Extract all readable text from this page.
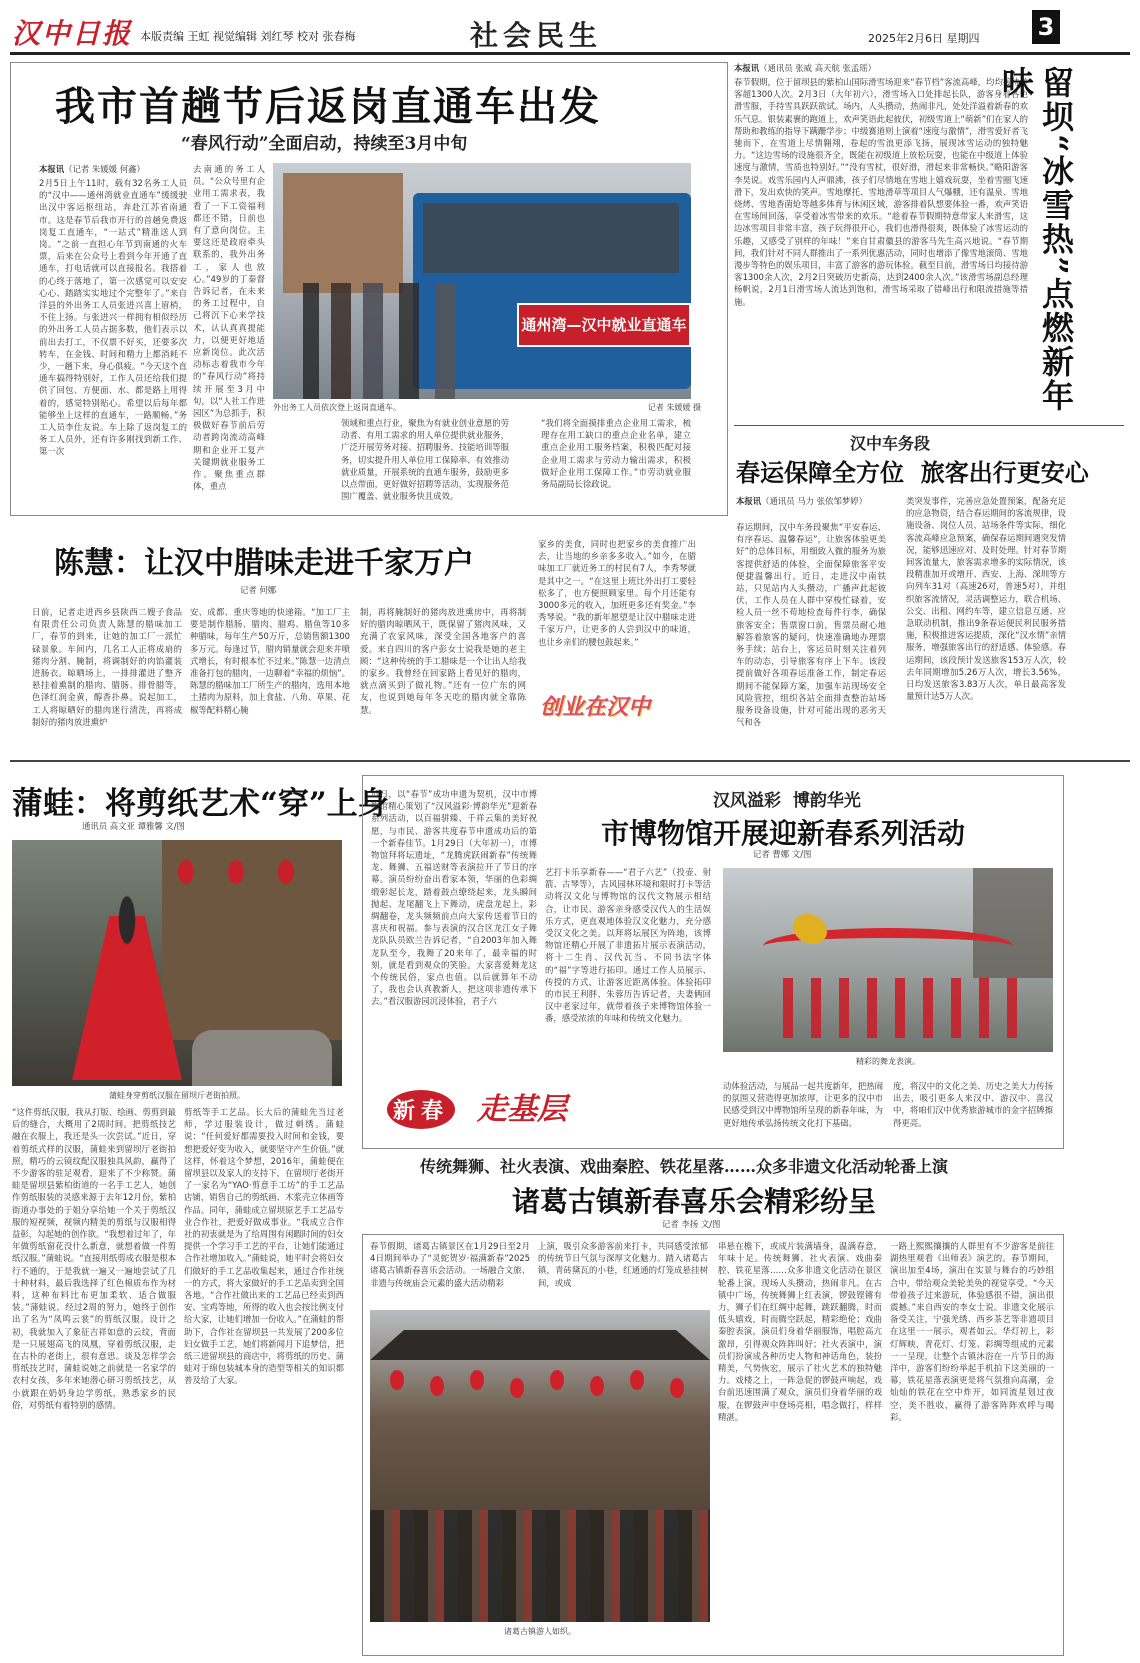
汉中日报 本版责编 王虹 视觉编辑 刘红琴 校对 张春梅	社会民生	2025年2月6日 星期四 3
我市首趟节后返岗直通车出发
“春风行动”全面启动，持续至3月中旬
本报讯（记者 朱媛媛 何鑫）
2月5日上午11时，载有32名务工人员的“汉中——通州湾就业直通车”缓缓驶出汉中客运枢纽站，奔赴江苏省南通市。这是春节后我市开行的首趟免费返岗复工直通车，“一站式”精准送人到岗。“之前一直担心年节到南通的火车票，后来在公众号上看到今年开通了直通车，打电话就可以直接报名。我搭着的心终于落地了，第一次感觉可以安安心心、踏踏实实地过个完整年了。”来自洋县的外出务工人员张进兴喜上眉梢，不住上扬。与张进兴一样拥有相似经历的外出务工人员占据多数，他们表示以前出去打工，不仅票不好买，还要多次转车，在金钱、时间和精力上都消耗不少，一趟下来，身心俱疲。“今天这个直通车搞得特别好，工作人员还给我们提供了回包、方便面、水、都是路上用得着的，感觉特别贴心。希望以后每年都能够坐上这样的直通车，一路顺畅。”务工人员李仕友说。车上除了返岗复工的务工人员外，还有许多刚找到新工作、第一次
去南通的务工人员。“公众号里有企业用工需求表，我看了一下工资福利都还不错，日前也有了意向岗位。主要这还是政府牵头联系的，我外出务工，家人也放心。”49岁的丁秦督告诉记者，在未来的务工过程中，自己将沉下心来学技术，认认真真提能力，以便更好地适应新岗位。此次活动标志着我市今年的“春风行动”将持续开展至3月中旬，以“人社工作进园区”为总抓手，积极做好春节前后劳动者跨岗流动高峰期和企业开工复产关键期就业服务工作。聚焦重点群体，重点
通州湾—汉中就业直通车
外出务工人员依次登上返岗直通车。	记者 朱媛媛 摄
领域和重点行业，聚焦为有就业创业意愿的劳动者、有用工需求的用人单位提供就业服务，广泛开展劳务对接、招聘服务、技能培训等服务，切实提升用人单位用工保障率、有效推动就业质量，开展系统的直通车服务，鼓励更多以点带面，更好做好招聘等活动，实现服务范围广覆盖、就业服务快且成效。
“我们将全面摸排重点企业用工需求，梳理存在用工缺口的重点企业名单，建立重点企业用工服务档案，积极匹配对接企业用工需求与劳动力输出需求，积极做好企业用工保障工作。”市劳动就业服务局副局长徐政说。
本报讯（通讯员 张威 高天航 张孟瑶）
春节假期，位于留坝县的紫柏山国际滑雪场迎来“春节档”客流高峰，均均接待游客超1300人次。2月3日（大年初六），滑雪场入口处排起长队，游客身着各色滑雪服，手持雪具跃跃欲试。场内，人头攒动，热闹非凡，处处洋溢着新春的欢乐气息。银装素裹的跑道上，欢声笑语此起彼伏，初级雪道上“萌新”们在家人的帮助和教练的指导下蹒跚学步；中级赛道则上演着“速度与激情”，滑雪爱好者飞驰而下，在雪道上尽情翱翔，卷起的雪浪更添飞扬，展现冰雪运动的独特魅力。“这边雪场的设施很齐全，既能在初级道上放松玩耍，也能在中级道上体验速度与激情，雪质也特别好。”“没有雪杖，很好滑，滑起来非常畅快。”略阳游客李昊说。戏雪乐园内人声鼎沸，孩子们尽情地在雪地上嬉戏玩耍，坐着雪圈飞速滑下，发出欢快的笑声。雪地摩托、雪地滑草等项目人气爆棚，还有温泉、雪地烧烤、雪地香菌炝等越多体育与休闲区域，游客排着队想要体验一番，欢声笑语在雪场间回荡，享受着冰雪带来的欢乐。“趁着春节假期特意带家人来滑雪，这边冰雪项目非常丰富，孩子玩得很开心，我们也滑得很爽，既体验了冰雪运动的乐趣，又感受了别样的年味！”来自甘肃徽县的游客马先生高兴地说。“春节期间，我们针对不同人群推出了一系列优惠活动，同时也增添了像雪地滚筒、雪地漫步等特色的娱乐项目，丰富了游客的游玩体验。截至目前，滑雪场日均接待游客1300余人次，2月2日突破历史新高，达到2400余人次。”该滑雪场副总经理杨帆说，2月1日滑雪场人流达到饱和，滑雪场采取了错峰出行和限流措施等措施。	留坝“冰雪热”点燃新年味
汉中车务段
春运保障全方位  旅客出行更安心
本报讯（通讯员 马力 张依邹梦婷）
春运期间，汉中车务段聚焦“平安春运、有序春运、温馨春运”，让旅客体验更美好”的总体目标，用细致入微的服务为旅客提供舒适的体验，全面保障旅客平安便捷温馨出行。近日，走进汉中南铁站，只见站内人头攒动，广播声此起彼伏，工作人员在人群中穿梭忙碌着，安检人员一丝不苟地检查每件行李，确保旅客安全；售票窗口前，售票员耐心地解答着旅客的疑问，快速准确地办理票务手续；站台上，客运员时刻关注着列车的动态，引导旅客有序上下车。该段提前做好各项春运准备工作，制定春运期间不能保障方案，加强车站现场安全风险管控，组织各站全面排查整治站场服务设备设施，针对可能出现的恶劣天气和各
类突发事件，完善应急处置预案，配备充足的应急物资，结合春运期间的客流规律，设施设备、岗位人员、站场条件等实际，细化客流高峰应急预案，确保春运期间遇突发情况，能够迅速应对、及时处理。针对春节期间客流量大，旅客需求增多的实际情况，该段精准加开或增开、西安、上海、深圳等方向列车31对（高速26对，普速5对），并组织旅客流情况，灵活调整运力，联合机场、公交、出租、网约车等，建立信息互通、应急联动机制，推出9条春运便民利民服务措施，积极推进客运提质，深化“汉水情”亲情服务，增强旅客出行的舒适感、体验感。春运期间，该段预计发送旅客153万人次，较去年同期增加5.26万人次，增长3.56%，日均发送旅客3.83万人次，单日最高客发量预计达5万人次。
陈慧：让汉中腊味走进千家万户
记者 何娜
日前，记者走进西乡县陕西二嫂子食品有限责任公司负责人陈慧的腊味加工厂，春节的到来，让她的加工厂一派忙碌景象。车间内，几名工人正将成扇的猪肉分割、腌制，将调制好的肉馅灌装进肠衣。晾晒场上，一排排灌进了整齐悬挂着熏制的腊肉、腊肠、排骨腊等，色泽红润金黄，醇香扑鼻。说起加工，工人将晾晒好的腊肉迷行清洗，再将成制好的猪肉放进熏炉
安、成都、重庆等地的快递箱。“加工厂主要是制作腊肠、腊肉、腊鸡、腊鱼等10多种腊味，每年生产50万斤，总销售额1300多万元。每逢过节，腊肉销量就会迎来井喷式增长，有时根本忙不过来。”陈慧一边清点准备打包的腊肉，一边聊着“幸福的烦恼”。陈慧的腊味加工厂所生产的腊肉，选用本地土猪肉为原料，加上食盐、八角、草果、花椒等配料精心腌
制，再将腌制好的猪肉放进熏房中，再将制好的腊肉晾晒风干，既保留了猪肉风味，又充满了农家风味，深受全国各地客户的喜爱。来自四川的客户彭女士说我是她的老主顾：“这种传统的手工腊味是一个让出人给我的家乡。我曾经在回家路上看见好的腊肉，就点滴买到了做礼物。”还有一位广东的网友，也说到她每年冬天吃的腊肉就全靠陈慧。
家乡的美食，同时也把家乡的美食推广出去，让当地的乡亲多多收入。”如今，在腊味加工厂就近务工的村民有7人，李秀琴就是其中之一。“在这里上班比外出打工要轻松多了，也方便照顾家里。每个月还能有3000多元的收入，加班更多还有奖金。”李秀琴说。“我的新年愿望是让汉中腊味走进千家万户，让更多的人尝到汉中的味道，也让乡亲们的腰包鼓起来。”
创业在汉中
蒲蛙：将剪纸艺术“穿”上身
通讯员 高文亚 谭雅馨 文/图
蒲蛙身穿剪纸汉服在留坝斤老街拍照。
“这件剪纸汉服，我从打版、绘画、剪剪到最后的缝合，大概用了2周时间。把剪纸技艺融在衣服上，我还是头一次尝试。”近日，穿着剪纸式样的汉服，蒲蛙来到留坝厅老街拍照，精巧的云镜纹配汉服独具风韵，赢得了不少游客的驻足观看，迎来了不少称赞。蒲蛙是留坝县紫柏街道的一名手工艺人，她创作剪纸服装的灵感来源于去年12月份，紫柏街道办事处的于姐分享给她一个关于剪纸汉服的短视频，视频内精美的剪纸与汉服相得益彰，勾起她的创作欲。“我想着过年了，年年做剪纸窗花没什么新意，就想着做一件剪纸汉服。”蒲蛙说。“直接用纸剪成衣服是根本行不通的，于是我就一遍又一遍地尝试了几十种材料，最后我选择了红色棉质布作为材料，这种布料比布更加柔软、适合做服装。”蒲蛙说。经过2周的努力，她终于创作出了名为“凤鸣云裳”的剪纸汉服。设计之初，我就加入了象征吉祥如意的云纹，背面是一只展翅高飞的凤凰，穿着剪纸汉服，走在古朴的老街上，很有意思。谈及怎样学会剪纸技艺时，蒲蛙说她之前就是一名家学的农村女孩，多年来她潜心研习剪纸技艺，从小就跟在奶奶身边学剪纸，熟悉家乡的民俗，对剪纸有着特别的感情。
剪纸等手工艺品。长大后的蒲蛙先当过老师，学过服装设计，做过刺绣。蒲蛙说：“任何爱好都需要投入时间和金钱，要想把爱好变为收入，就要坚守产生价值。”就这样，怀着这个梦想，2016年，蒲蛙便在留坝县以及家人的支持下，在留坝厅老街开了一家名为“YAO·剪意手工坊”的手工艺品店铺，销售自己的剪纸画、木浆壳立体画等作品。同年，蒲蛙成立留坝原艺手工艺品专业合作社，把爱好做成事业。“我成立合作社的初衷就是为了给周围有闲暇时间的妇女提供一个学习手工艺的平台，让她们能通过合作社增加收入。”蒲蛙说，她平时会将妇女们做好的手工艺品收集起来，通过合作社统一的方式，将大家做好的手工艺品卖到全国各地。“合作社做出来的工艺品已经卖到西安、宝鸡等地，所得的收入也会按比例支付给大家，让她们增加一份收入。”在蒲蛙的帮助下，合作社在留坝县一共发展了200多位妇女做手工艺，她们将新闻月下追梦信，把纸三进留坝县的商店中，将剪纸的历史、蒲蛙对于绵包装城本身的造型等相关的知识都普及给了大家。
汉风溢彩  博韵华光
市博物馆开展迎新春系列活动
记者 曹娜 文/图
近日，以“春节”成功申遗为契机，汉中市博物馆精心策划了“汉风溢彩·博韵华光”迎新春系列活动，以百福骈臻、千祥云集的美好祝愿，与市民、游客共度春节申遗成功后的第一个新春佳节。1月29日（大年初一），市博物馆拜将坛遗址，“龙腾虎跃闹新春”传统舞龙、舞狮、五福送财等表演拉开了节日的序幕。演员纷纷奋出看家本领，华丽的色彩绸缎彰起长龙，踏着鼓点缭绕起来，龙头瞬间抛起、龙尾翻飞上下舞动，虎盘龙起上，彩绸翻卷，龙头频频前点向大家传送着节日的喜庆和祝福。参与表演的汉合区龙江女子舞龙队队员欧兰告诉记者，“自2003年加入舞龙队至今，我舞了20来年了，最幸福的时刻，就是看到观众的笑脸。大家喜爱舞龙这个传统民俗，家点也值。以后就算年不动了，我也会认真教新人，把这项非遗传承下去。”看汉服游园沉浸体验，君子六
艺打卡乐享新春——“君子六艺”（投壶、射箭、古琴等），古风园林环境和限时打卡等活动将汉文化与博物馆的汉代文物展示相结合，让市民、游客亲身感受汉代人的生活娱乐方式，更直观地体验汉文化魅力，充分感受汉文化之美。以拜将坛展区为阵地，该博物馆还精心开展了非遗拓片展示表演活动，将十二生肖、汉代瓦当、不同书法字体的“福”字等进行拓印。通过工作人员展示、传授的方式，让游客近距离体验。体验拓印的市民王利胖、朱蓉历告诉记者，夫妻俩回汉中老家过年，就带着孩子来博物馆体验一番，感受浓浓的年味和传统文化魅力。
精彩的舞龙表演。
新春 走基层
动体验活动，与展品一起共度新年，把热闹的氛围又营造得更加浓厚，让更多的汉中市民感受到汉中博物馆所呈现的新春年味，为更好地传承弘扬传统文化打下基础。
度，将汉中的文化之美、历史之美大力传扬出去，吸引更多人来汉中、游汉中、喜汉中，将咱们汉中优秀旅游城市的金字招牌擦得更亮。
传统舞狮、社火表演、戏曲秦腔、铁花星落……众多非遗文化活动轮番上演
诸葛古镇新春喜乐会精彩纷呈
记者 李扬 文/图
春节假期，诸葛古镇景区在1月29日至2月4日期间举办了“灵蛇贺岁·福满新春”2025诸葛古镇新春喜乐会活动。一场融合文旅、非遗与传统庙会元素的盛大活动精彩
上演，吸引众多游客前来打卡，共同感受浓郁的传统节日气氛与深厚文化魅力。踏入诸葛古镇，青砖黛瓦的小巷，红通通的灯笼成悬挂树间，或成
诸葛古镇游人如织。
串悬在檐下，或成片装满墙身，温满春意，年味十足。传统舞狮、社火表演、戏曲秦腔、铁花星落……众多非遗文化活动在景区轮番上演，现场人头攒动，热闹非凡。在古镇中广场，传统舞狮上红表演，锣鼓铿锵有力，狮子们在红绸中起舞，跳跃翻腾，时而低头嬉戏，时而腾空跃起，精彩绝伦；戏曲秦腔表演，演员们身着华丽服饰，唱腔高亢激昂，引得观众阵阵叫好；社火表演中，演员们扮演成各种历史人物和神话角色，装扮精美，气势恢宏，展示了社火艺术的独特魅力。戏楼之上，一阵急促的锣鼓声响起，戏台前迅速围满了观众，演员们身着华丽的戏服，在锣鼓声中登场亮相，唱念做打，样样精湛。
一路上熙熙攘攘的人群里有不少游客是前往湖热里观看《出师表》演艺的。春节期间，演出加至4场，演出在实景与舞台的巧妙组合中，带给观众美轮美奂的视觉享受。“今天带着孩子过来游玩，体验感很不错，演出很震撼。”来自西安的李女士说。非遗文化展示备受关注，宁强羌绣、西乡茶艺等非遗项目在这里一一展示，观者如云。华灯初上，彩灯辉映，青花灯、灯笼、彩绸等组成的元素一一呈现，让整个古镇沐浴在一片节日的海洋中，游客们纷纷举起手机拍下这美丽的一幕，铁花星落表演更是将气氛推向高潮，金灿灿的铁花在空中炸开，如同流星划过夜空，美不胜收，赢得了游客阵阵欢呼与喝彩。
